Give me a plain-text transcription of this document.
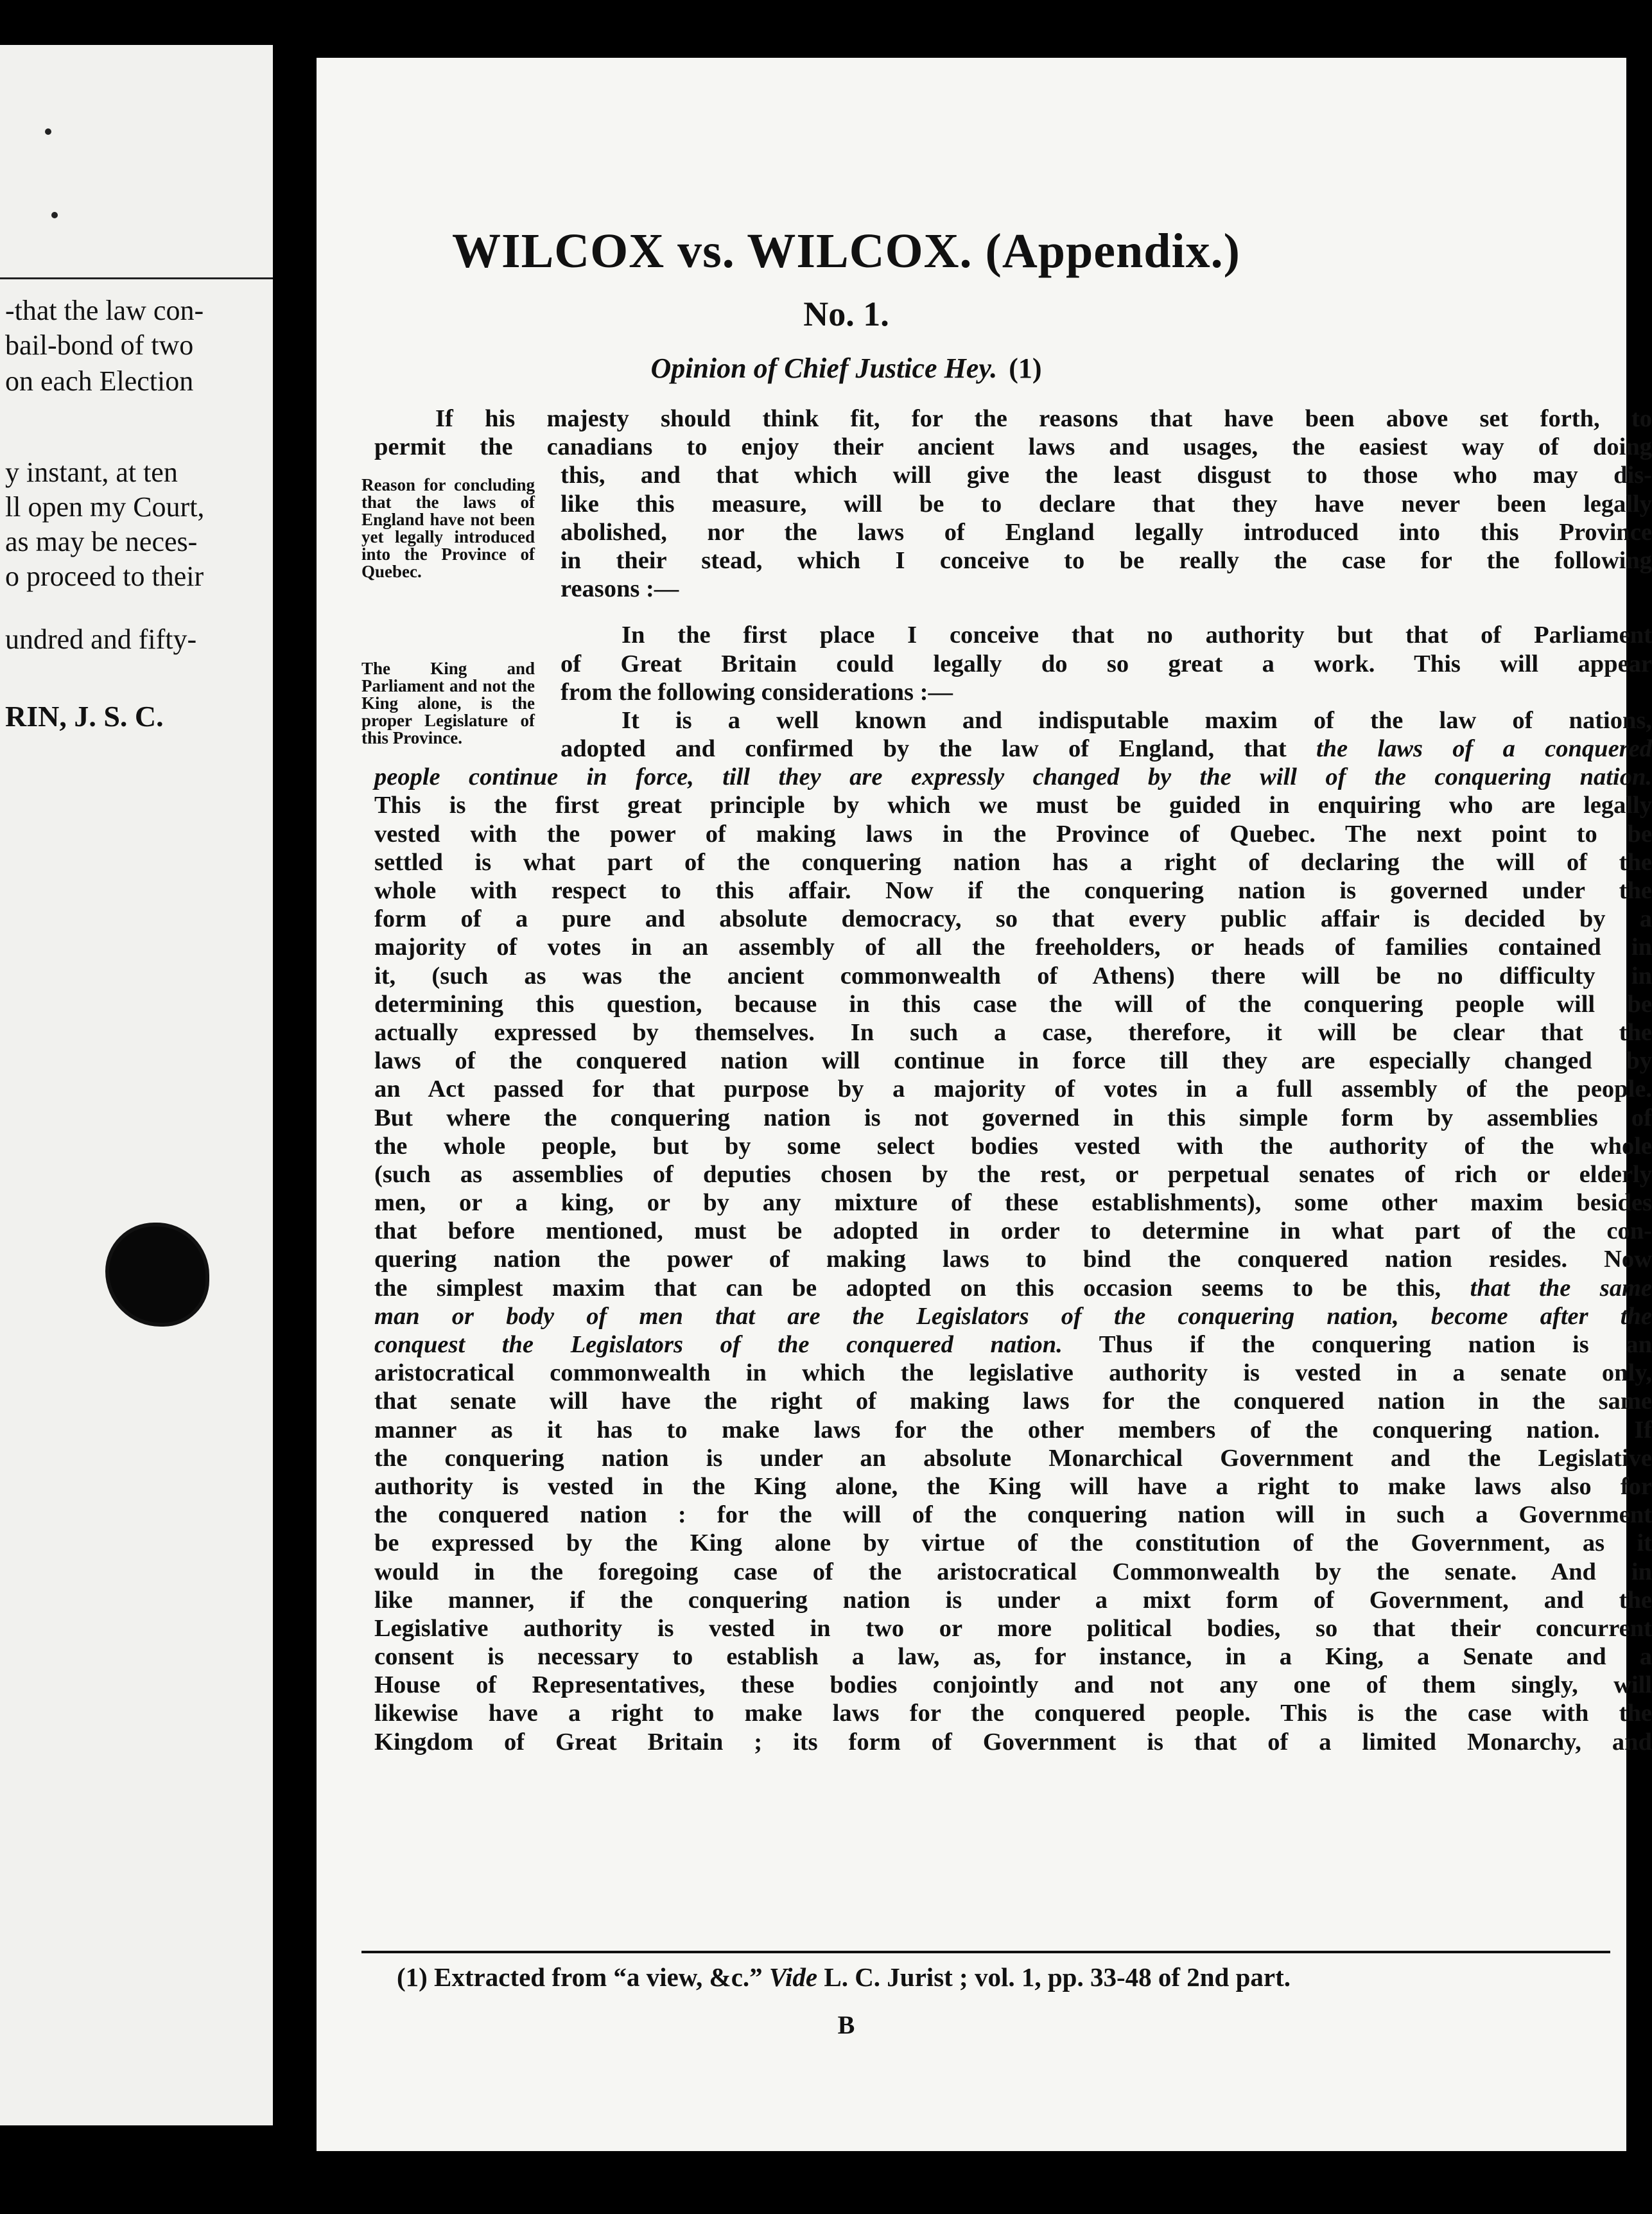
-that the law con-
bail-bond of two
on each Election
y instant, at ten
ll open my Court,
as may be neces-
o proceed to their
undred and fifty-
RIN, J. S. C.
WILCOX vs. WILCOX. (Appendix.)
No. 1.
Opinion of Chief Justice Hey. (1)
Reason for concluding that the laws of England have not been yet legally introduced into the Province of Quebec.
The King and Parliament and not the King alone, is the proper Legislature of this Province.
If his majesty should think fit, for the reasons that have been above set forth, to
permit the canadians to enjoy their ancient laws and usages, the easiest way of doing
this, and that which will give the least disgust to those who may dis-
like this measure, will be to declare that they have never been legally
abolished, nor the laws of England legally introduced into this Province
in their stead, which I conceive to be really the case for the following
reasons :—
In the first place I conceive that no authority but that of Parliament
of Great Britain could legally do so great a work. This will appear
from the following considerations :—
It is a well known and indisputable maxim of the law of nations,
adopted and confirmed by the law of England, that the laws of a conquered
people continue in force, till they are expressly changed by the will of the conquering nation.
This is the first great principle by which we must be guided in enquiring who are legally
vested with the power of making laws in the Province of Quebec. The next point to be
settled is what part of the conquering nation has a right of declaring the will of the
whole with respect to this affair. Now if the conquering nation is governed under the
form of a pure and absolute democracy, so that every public affair is decided by a
majority of votes in an assembly of all the freeholders, or heads of families contained in
it, (such as was the ancient commonwealth of Athens) there will be no difficulty in
determining this question, because in this case the will of the conquering people will be
actually expressed by themselves. In such a case, therefore, it will be clear that the
laws of the conquered nation will continue in force till they are especially changed by
an Act passed for that purpose by a majority of votes in a full assembly of the people.
But where the conquering nation is not governed in this simple form by assemblies of
the whole people, but by some select bodies vested with the authority of the whole
(such as assemblies of deputies chosen by the rest, or perpetual senates of rich or elderly
men, or a king, or by any mixture of these establishments), some other maxim besides
that before mentioned, must be adopted in order to determine in what part of the con-
quering nation the power of making laws to bind the conquered nation resides. Now
the simplest maxim that can be adopted on this occasion seems to be this, that the same
man or body of men that are the Legislators of the conquering nation, become after the
conquest the Legislators of the conquered nation. Thus if the conquering nation is an
aristocratical commonwealth in which the legislative authority is vested in a senate only,
that senate will have the right of making laws for the conquered nation in the same
manner as it has to make laws for the other members of the conquering nation. If
the conquering nation is under an absolute Monarchical Government and the Legislative
authority is vested in the King alone, the King will have a right to make laws also for
the conquered nation : for the will of the conquering nation will in such a Government
be expressed by the King alone by virtue of the constitution of the Government, as it
would in the foregoing case of the aristocratical Commonwealth by the senate. And in
like manner, if the conquering nation is under a mixt form of Government, and the
Legislative authority is vested in two or more political bodies, so that their concurrent
consent is necessary to establish a law, as, for instance, in a King, a Senate and a
House of Representatives, these bodies conjointly and not any one of them singly, will
likewise have a right to make laws for the conquered people. This is the case with the
Kingdom of Great Britain ; its form of Government is that of a limited Monarchy, and
(1) Extracted from “a view, &c.” Vide L. C. Jurist ; vol. 1, pp. 33-48 of 2nd part.
B
